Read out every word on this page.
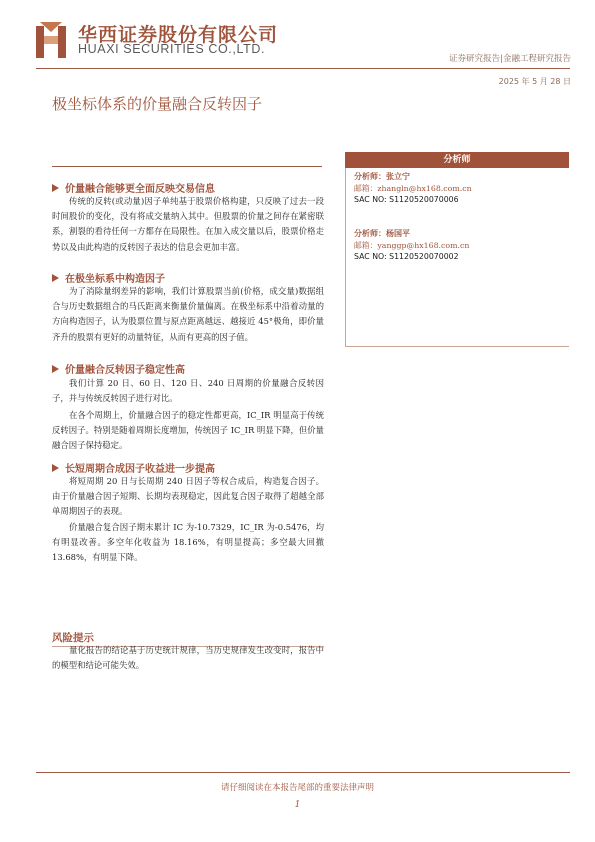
华西证券股份有限公司
HUAXI SECURITIES CO.,LTD.
证券研究报告|金融工程研究报告
2025 年 5 月 28 日
极坐标体系的价量融合反转因子
价量融合能够更全面反映交易信息

传统的反转(或动量)因子单纯基于股票价格构建，只反映了过去一段时间股价的变化，没有将成交量纳入其中。但股票的价量之间存在紧密联系，割裂的看待任何一方都存在局限性。在加入成交量以后，股票价格走势以及由此构造的反转因子表达的信息会更加丰富。

在极坐标系中构造因子

为了消除量纲差异的影响，我们计算股票当前(价格，成交量)数据组合与历史数据组合的马氏距离来衡量价量偏离。在极坐标系中沿着动量的方向构造因子，认为股票位置与原点距离越远、越接近 45°极角，即价量齐升的股票有更好的动量特征，从而有更高的因子值。

价量融合反转因子稳定性高

我们计算 20 日、60 日、120 日、240 日周期的价量融合反转因子，并与传统反转因子进行对比。

在各个周期上，价量融合因子的稳定性都更高，IC_IR 明显高于传统反转因子。特别是随着周期长度增加，传统因子 IC_IR 明显下降，但价量融合因子保持稳定。

长短周期合成因子收益进一步提高

将短周期 20 日与长周期 240 日因子等权合成后，构造复合因子。由于价量融合因子短期、长期均表现稳定，因此复合因子取得了超越全部单周期因子的表现。

价量融合复合因子期末累计 IC 为-10.7329，IC_IR 为-0.5476，均有明显改善。多空年化收益为 18.16%，有明显提高；多空最大回撤 13.68%，有明显下降。

风险提示

量化报告的结论基于历史统计规律，当历史规律发生改变时，报告中的模型和结论可能失效。

分析师
分析师：张立宁
邮箱：zhangln@hx168.com.cn
SAC NO: S1120520070006
分析师：杨国平
邮箱：yanggp@hx168.com.cn
SAC NO: S1120520070002
请仔细阅读在本报告尾部的重要法律声明
1
